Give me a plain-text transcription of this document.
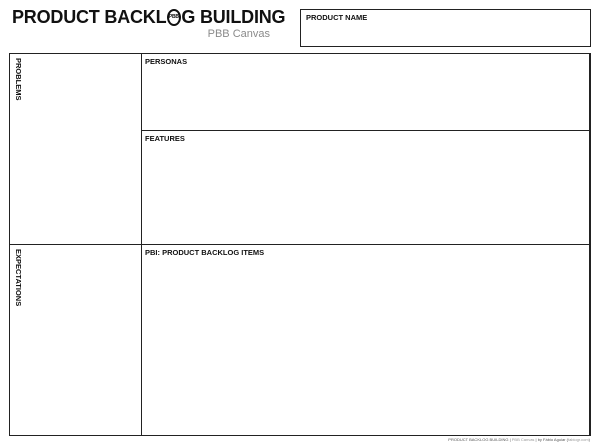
PRODUCT BACKL PBB G BUILDING
PBB Canvas
PRODUCT NAME
PROBLEMS
EXPECTATIONS
PERSONAS
FEATURES
PBI: PRODUCT BACKLOG ITEMS
PRODUCT BACKLOG BUILDING | PBB Canvas | by Fábio Aguiar (fabiogr.com)
